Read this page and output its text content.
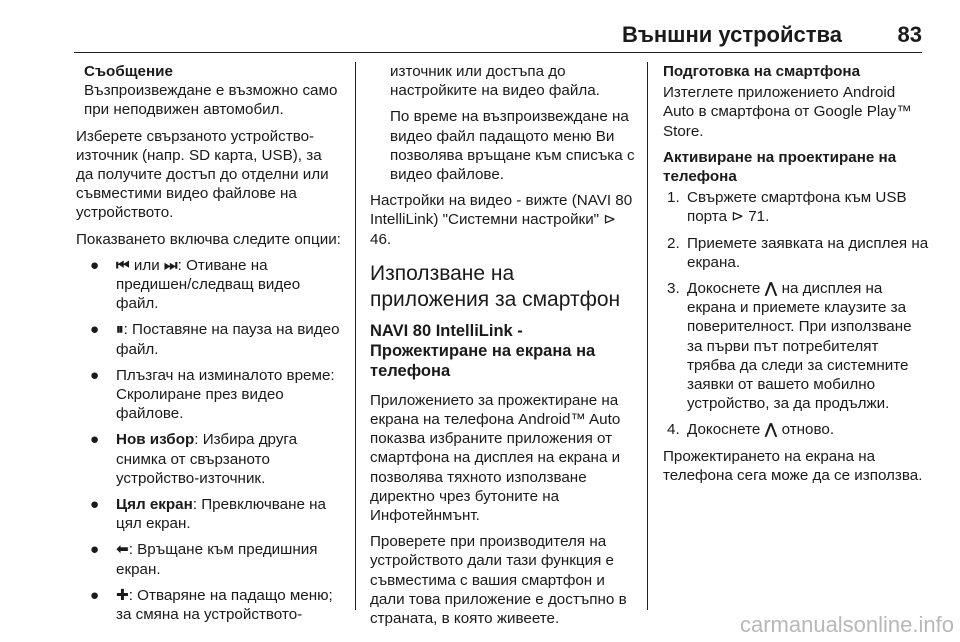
Външни устройства	83
Съобщение
Възпроизвеждане е възможно само при неподвижен автомобил.

Изберете свързаното устройство-източник (напр. SD карта, USB), за да получите достъп до отделни или съвместими видео файлове на устройството.

Показването включва следите опции:

● ⏮ или ⏭: Отиване на предишен/следващ видео файл.
● ⏸: Поставяне на пауза на видео файл.
● Плъзгач на изминалото време: Скролиране през видео файлове.
● Нов избор: Избира друга снимка от свързаното устройство-източник.
● Цял екран: Превключване на цял екран.
● ⬅: Връщане към предишния екран.
● ✚: Отваряне на падащо меню; за смяна на устройството-

източник или достъпа до настройките на видео файла.

По време на възпроизвеждане на видео файл падащото меню Ви позволява връщане към списъка с видео файлове.

Настройки на видео - вижте (NAVI 80 IntelliLink) "Системни настройки" ⊳ 46.

Използване на приложения за смартфон
NAVI 80 IntelliLink - Прожектиране на екрана на телефона

Приложението за прожектиране на екрана на телефона Android™ Auto показва избраните приложения от смартфона на дисплея на екрана и позволява тяхното използване директно чрез бутоните на Инфотейнмънт.

Проверете при производителя на устройството дали тази функция е съвместима с вашия смартфон и дали това приложение е достъпно в страната, в която живеете.

Подготовка на смартфона

Изтеглете приложението Android Auto в смартфона от Google Play™ Store.

Активиране на проектиране на телефона
1. Свържете смартфона към USB порта ⊳ 71.
2. Приемете заявката на дисплея на екрана.
3. Докоснете ⋀ на дисплея на екрана и приемете клаузите за поверителност. При използване за първи път потребителят трябва да следи за системните заявки от вашето мобилно устройство, за да продължи.
4. Докоснете ⋀ отново.

Прожектирането на екрана на телефона сега може да се използва.

carmanualsonline.info
